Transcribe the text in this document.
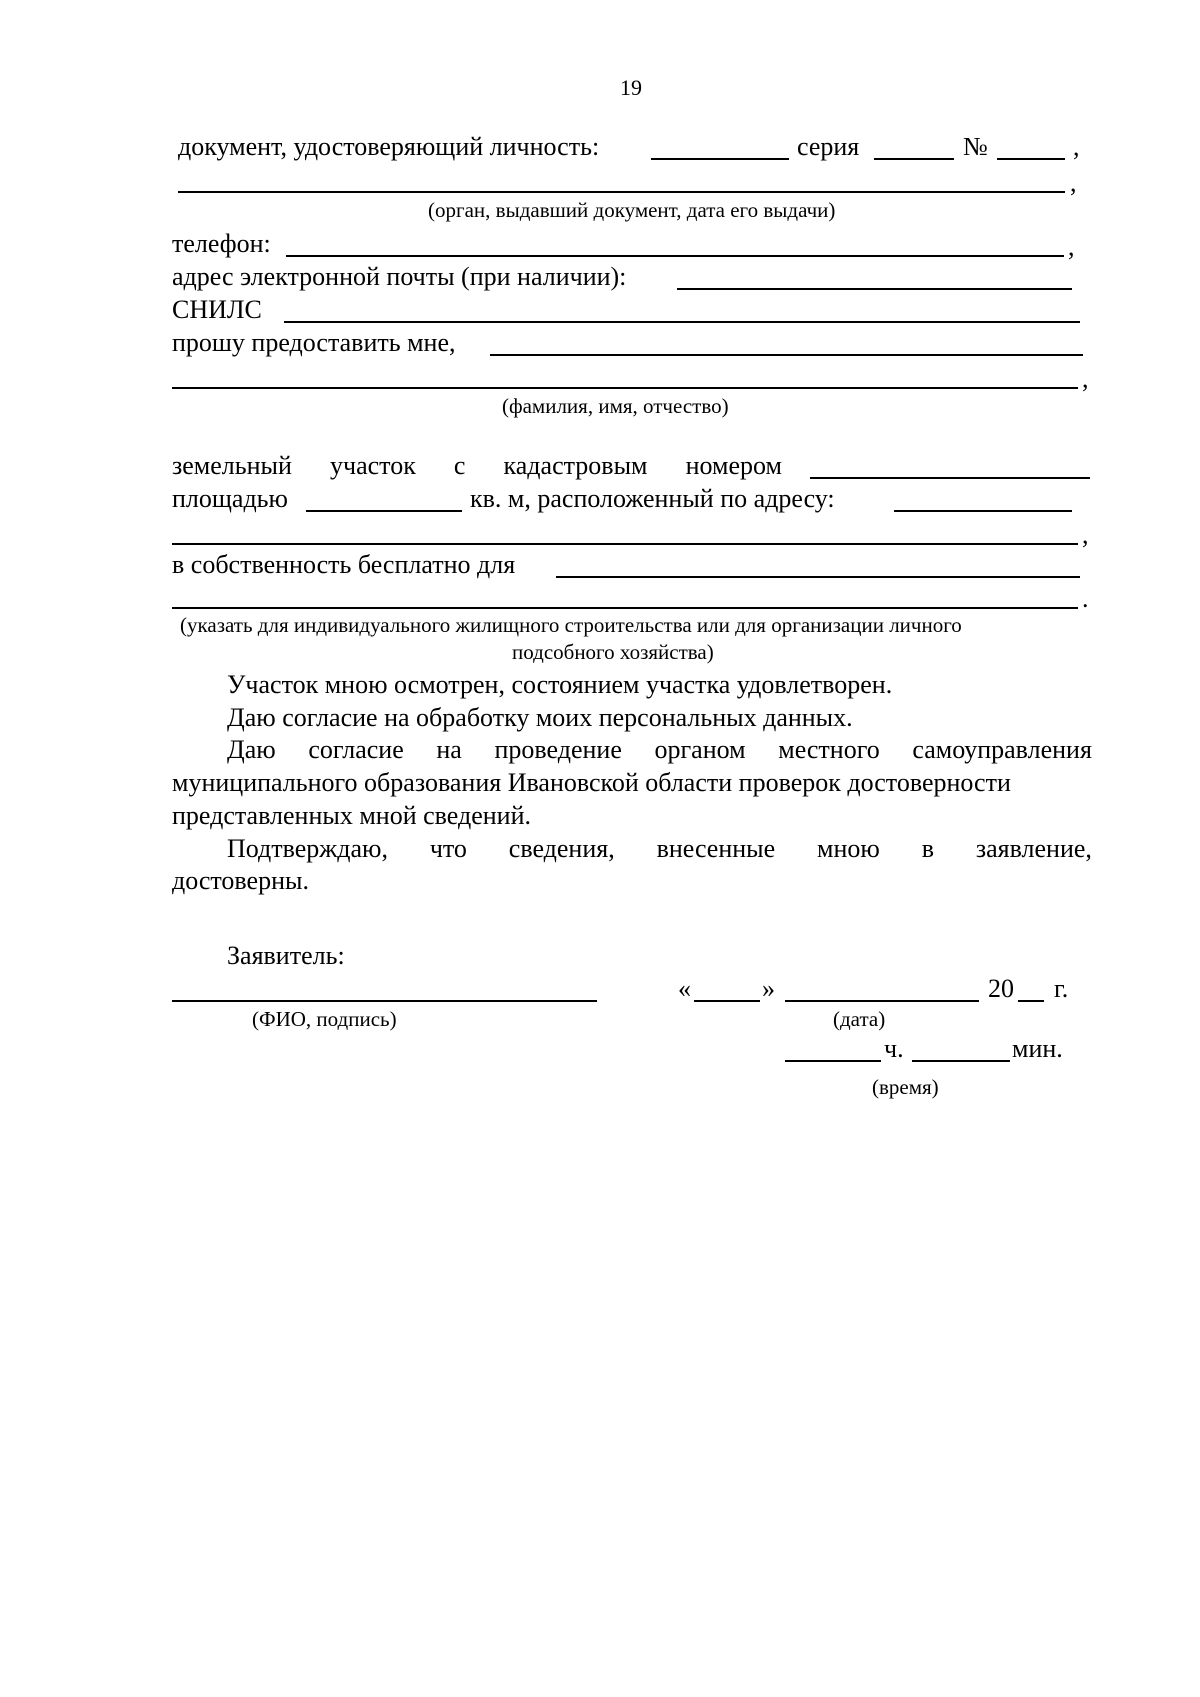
19
документ, удостоверяющий личность:	серия	№	,
,
(орган, выдавший документ, дата его выдачи)
телефон:	,
адрес электронной почты (при наличии):
СНИЛС
прошу предоставить мне,
,
(фамилия, имя, отчество)
земельный участок с кадастровым номером
площадью	кв. м, расположенный по адресу:
,
в собственность бесплатно для
.
(указать для индивидуального жилищного строительства или для организации личного
подсобного хозяйства)
Участок мною осмотрен, состоянием участка удовлетворен.
Даю согласие на обработку моих персональных данных.
Даю согласие на проведение органом местного самоуправления
муниципального образования Ивановской области проверок достоверности
представленных мной сведений.
Подтверждаю, что сведения, внесенные мною в заявление,
достоверны.
Заявитель:
(ФИО, подпись)
«	»	20 г.
(дата)
ч.	мин.
(время)
